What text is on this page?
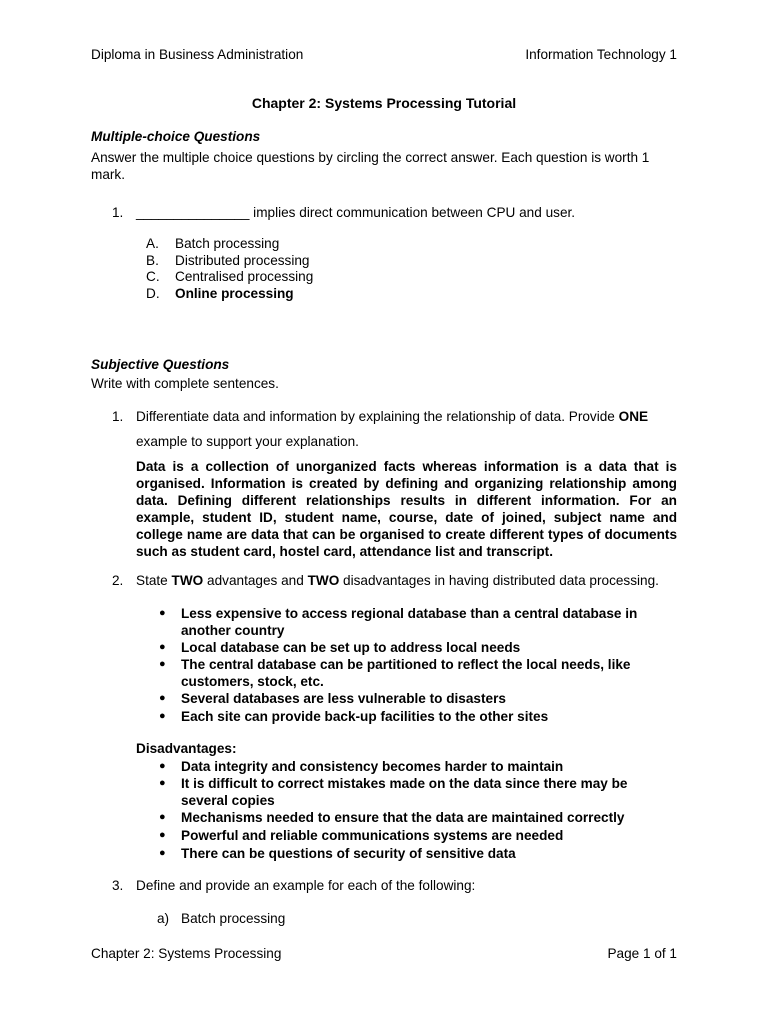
Diploma in Business Administration	Information Technology 1
Chapter 2: Systems Processing Tutorial
Multiple-choice Questions
Answer the multiple choice questions by circling the correct answer. Each question is worth 1
mark.
1. _______________ implies direct communication between CPU and user.
A. Batch processing
B. Distributed processing
C. Centralised processing
D. Online processing
Subjective Questions
Write with complete sentences.
1. Differentiate data and information by explaining the relationship of data. Provide ONE
example to support your explanation.
Data is a collection of unorganized facts whereas information is a data that is organised. Information is created by defining and organizing relationship among data. Defining different relationships results in different information. For an example, student ID, student name, course, date of joined, subject name and college name are data that can be organised to create different types of documents such as student card, hostel card, attendance list and transcript.
2. State TWO advantages and TWO disadvantages in having distributed data processing.
● Less expensive to access regional database than a central database in
another country
● Local database can be set up to address local needs
● The central database can be partitioned to reflect the local needs, like
customers, stock, etc.
● Several databases are less vulnerable to disasters
● Each site can provide back-up facilities to the other sites
Disadvantages:
● Data integrity and consistency becomes harder to maintain
● It is difficult to correct mistakes made on the data since there may be
several copies
● Mechanisms needed to ensure that the data are maintained correctly
● Powerful and reliable communications systems are needed
● There can be questions of security of sensitive data
3. Define and provide an example for each of the following:
a) Batch processing
Chapter 2: Systems Processing	Page 1 of 1
